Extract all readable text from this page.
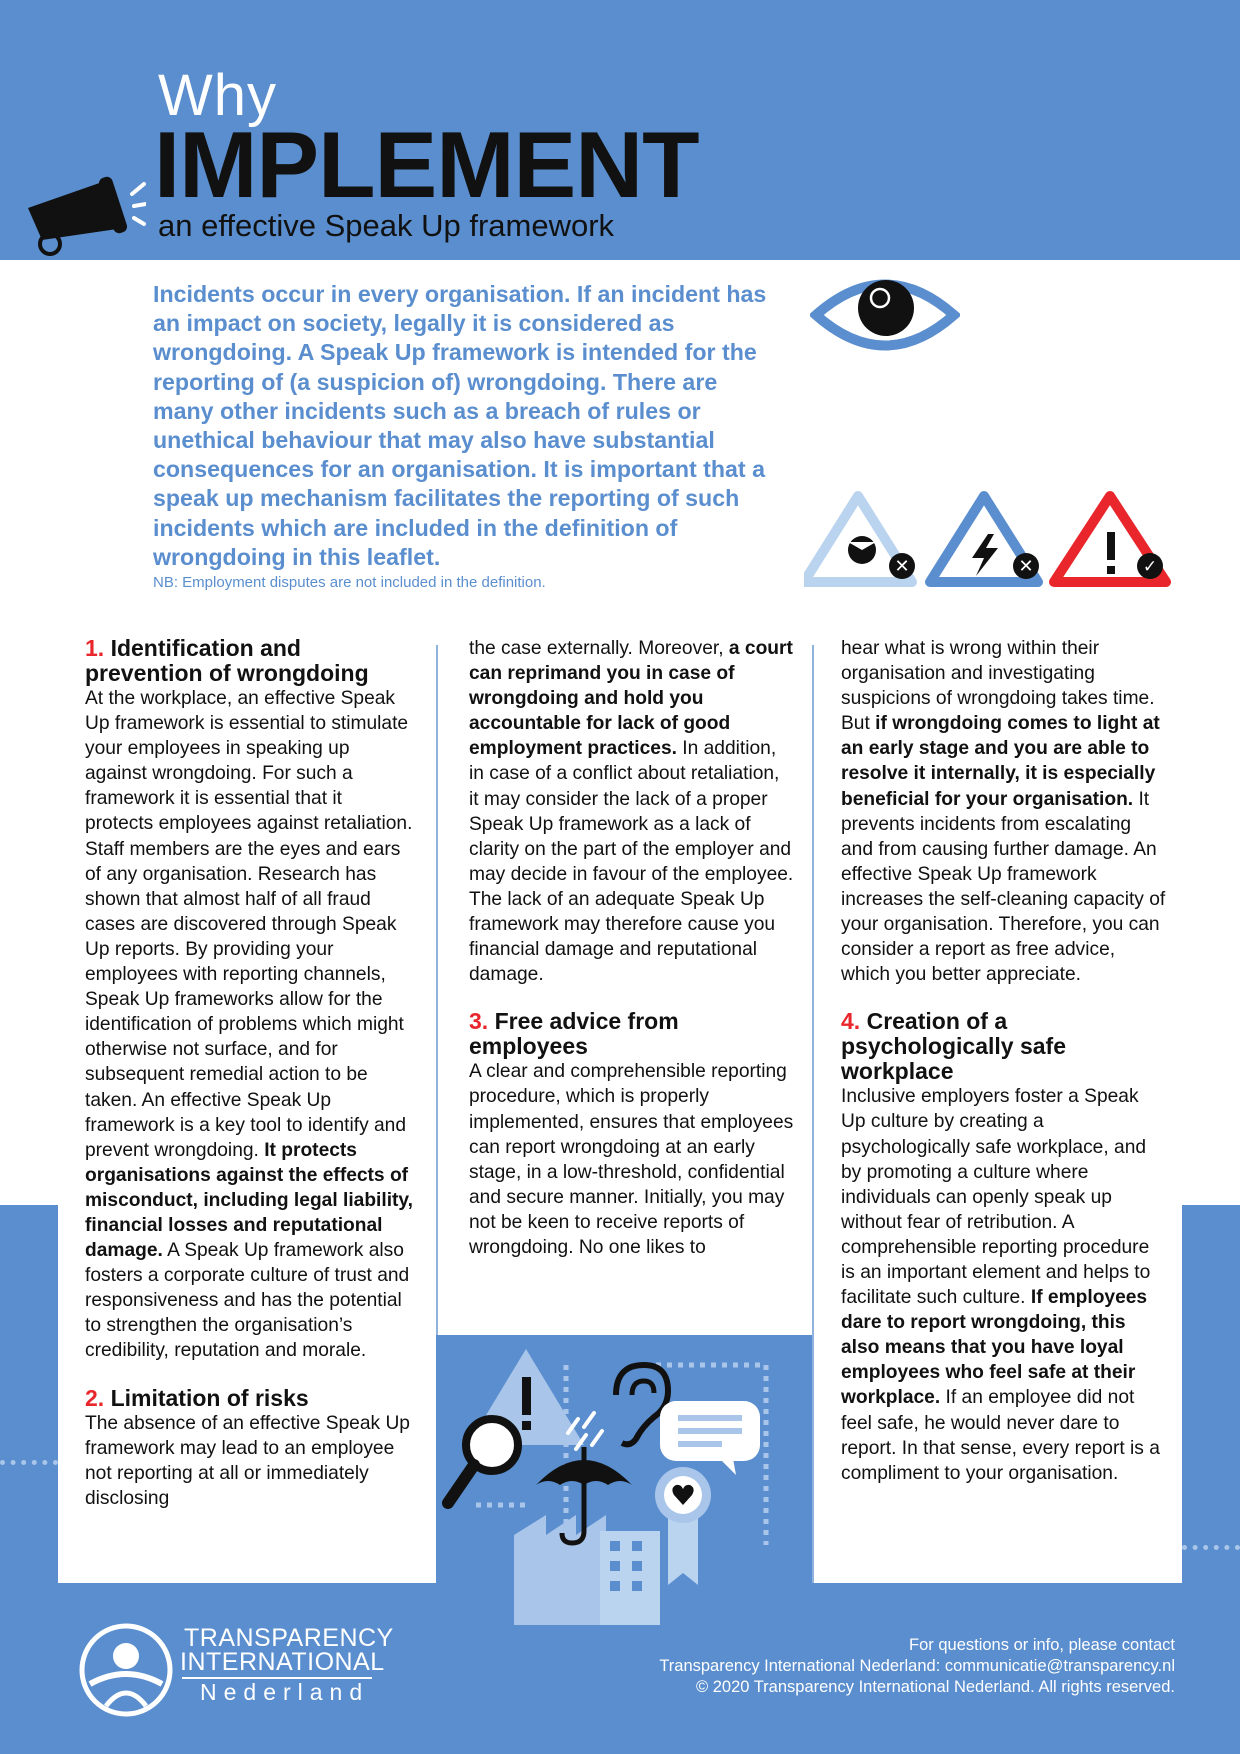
Why
IMPLEMENT
an effective Speak Up framework
Incidents occur in every organisation. If an incident has an impact on society, legally it is considered as wrongdoing. A Speak Up framework is intended for the reporting of (a suspicion of) wrongdoing. There are many other incidents such as a breach of rules or unethical behaviour that may also have substantial consequences for an organisation. It is important that a speak up mechanism facilitates the reporting of such incidents which are included in the definition of wrongdoing in this leaflet.
NB: Employment disputes are not included in the definition.
✕	✕	✓
1. Identification and prevention of wrongdoing
At the workplace, an effective Speak Up framework is essential to stimulate your employees in speaking up against wrongdoing. For such a framework it is essential that it protects employees against retaliation. Staff members are the eyes and ears of any organisation. Research has shown that almost half of all fraud cases are discovered through Speak Up reports. By providing your employees with reporting channels, Speak Up frameworks allow for the identification of problems which might otherwise not surface, and for subsequent remedial action to be taken. An effective Speak Up framework is a key tool to identify and prevent wrongdoing. It protects organisations against the effects of misconduct, including legal liability, financial losses and reputational damage. A Speak Up framework also fosters a corporate culture of trust and responsiveness and has the potential to strengthen the organisation’s credibility, reputation and morale.
2. Limitation of risks
The absence of an effective Speak Up framework may lead to an employee not reporting at all or immediately disclosing
the case externally. Moreover, a court can reprimand you in case of wrongdoing and hold you accountable for lack of good employment practices. In addition, in case of a conflict about retaliation, it may consider the lack of a proper Speak Up framework as a lack of clarity on the part of the employer and may decide in favour of the employee. The lack of an adequate Speak Up framework may therefore cause you financial damage and reputational damage.
3. Free advice from employees
A clear and comprehensible reporting procedure, which is properly implemented, ensures that employees can report wrongdoing at an early stage, in a low-threshold, confidential and secure manner. Initially, you may not be keen to receive reports of wrongdoing. No one likes to
hear what is wrong within their organisation and investigating suspicions of wrongdoing takes time. But if wrongdoing comes to light at an early stage and you are able to resolve it internally, it is especially beneficial for your organisation. It prevents incidents from escalating and from causing further damage. An effective Speak Up framework increases the self-cleaning capacity of your organisation. Therefore, you can consider a report as free advice, which you better appreciate.
4. Creation of a psychologically safe workplace
Inclusive employers foster a Speak Up culture by creating a psychologically safe workplace, and by promoting a culture where individuals can openly speak up without fear of retribution. A comprehensible reporting procedure is an important element and helps to facilitate such culture. If employees dare to report wrongdoing, this also means that you have loyal employees who feel safe at their workplace. If an employee did not feel safe, he would never dare to report. In that sense, every report is a compliment to your organisation.
TRANSPARENCY
INTERNATIONAL
Nederland
For questions or info, please contact
Transparency International Nederland: communicatie@transparency.nl
© 2020 Transparency International Nederland. All rights reserved.
